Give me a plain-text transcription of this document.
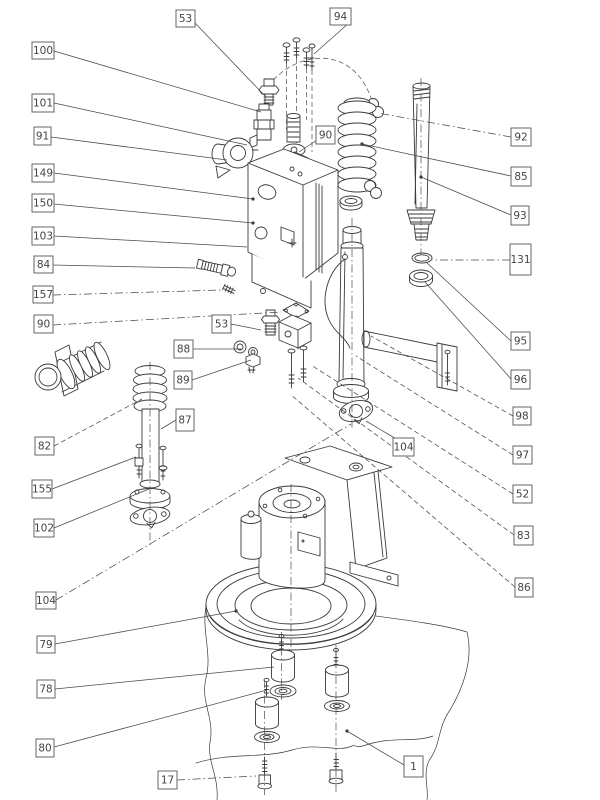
53	94
100
101
91
149
150
103
84
157
90
82
155
102
104
79
78
80
17
90
53
88
89
87
104
1
92
85
93
131
95
96
98
97
52
83
86
